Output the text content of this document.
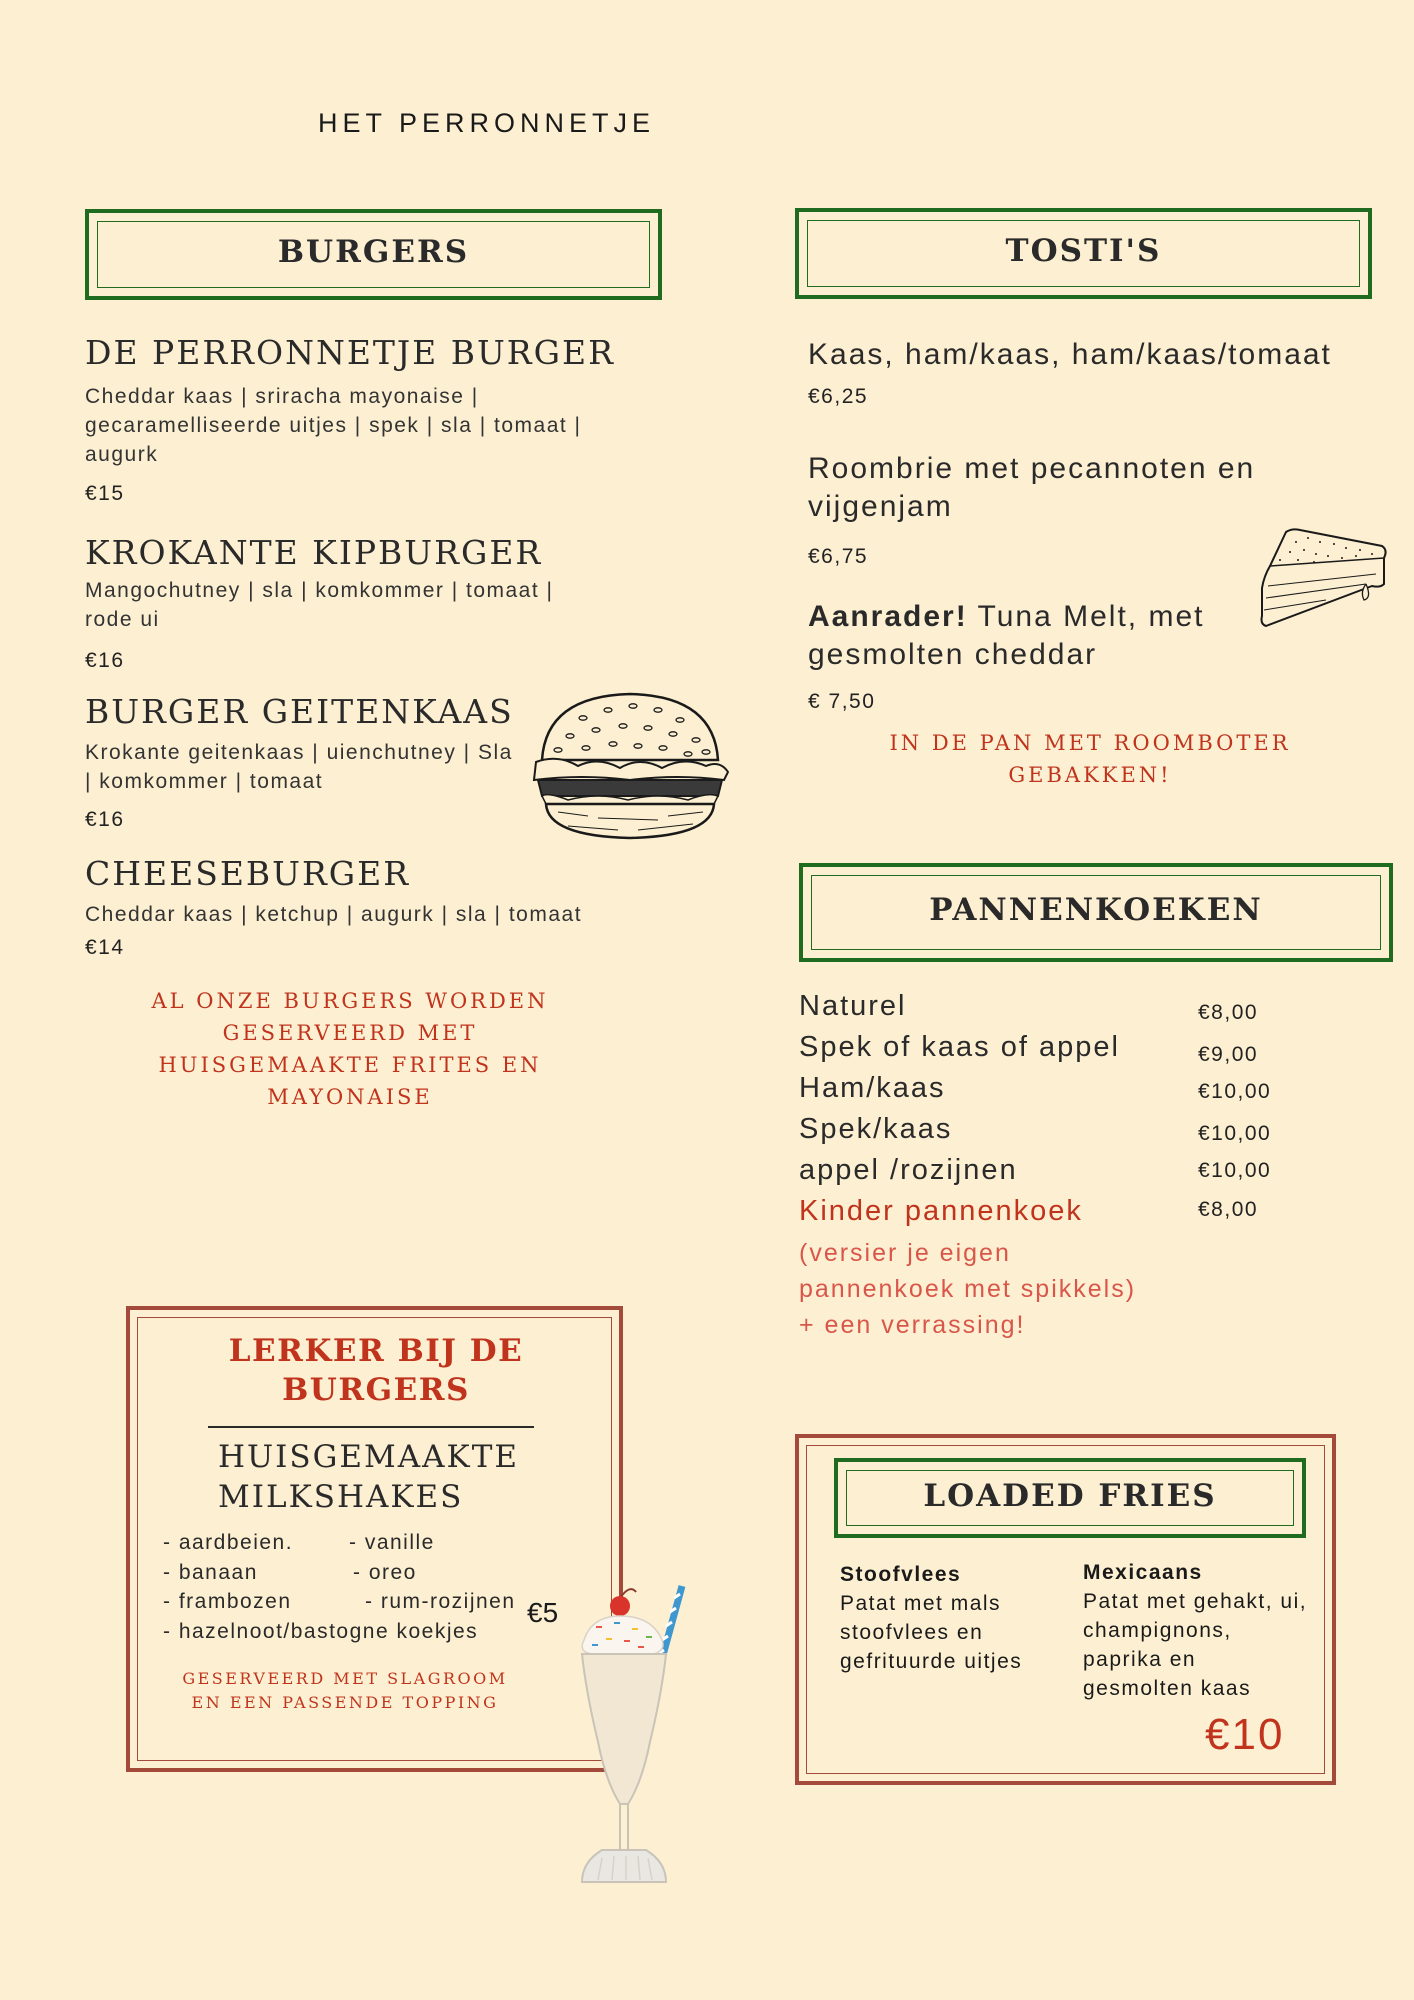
HET PERRONNETJE
BURGERS
DE PERRONNETJE BURGER
Cheddar kaas | sriracha mayonaise | gecaramelliseerde uitjes | spek | sla | tomaat | augurk
€15
KROKANTE KIPBURGER
Mangochutney | sla | komkommer | tomaat | rode ui
€16
BURGER GEITENKAAS
Krokante geitenkaas | uienchutney | Sla | komkommer | tomaat
€16
CHEESEBURGER
Cheddar kaas | ketchup | augurk | sla | tomaat
€14
AL ONZE BURGERS WORDEN GESERVEERD MET HUISGEMAAKTE FRITES EN MAYONAISE
TOSTI'S
Kaas, ham/kaas, ham/kaas/tomaat
€6,25
Roombrie met pecannoten en vijgenjam
€6,75
Aanrader! Tuna Melt, met gesmolten cheddar
€ 7,50
IN DE PAN MET ROOMBOTER GEBAKKEN!
PANNENKOEKEN
Naturel	€8,00
Spek of kaas of appel	€9,00
Ham/kaas	€10,00
Spek/kaas	€10,00
appel /rozijnen	€10,00
Kinder pannenkoek	€8,00
(versier je eigen
pannenkoek met spikkels)
+ een verrassing!
LERKER BIJ DE BURGERS
HUISGEMAAKTE MILKSHAKES
- aardbeien.
- banaan
- frambozen
- hazelnoot/bastogne koekjes
- vanille
- oreo
- rum-rozijnen €5
GESERVEERD MET SLAGROOM EN EEN PASSENDE TOPPING
LOADED FRIES
Stoofvlees
Patat met mals stoofvlees en gefrituurde uitjes
Mexicaans
Patat met gehakt, ui, champignons, paprika en gesmolten kaas
€10
